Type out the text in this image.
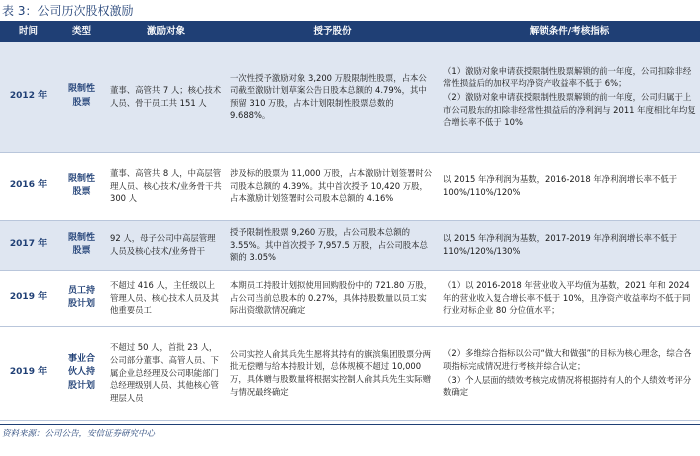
表 3：公司历次股权激励
时间	类型	激励对象	授予股份	解锁条件/考核指标
2012 年	限制性股票	董事、高管共 7 人；核心技术人员、骨干员工共 151 人	一次性授予激励对象 3,200 万股限制性股票，占本公司截至激励计划草案公告日股本总额的 4.79%，其中预留 310 万股，占本计划限制性股票总数的 9.688%。	（1）激励对象申请获授限制性股票解锁的前一年度，公司扣除非经常性损益后的加权平均净资产收益率不低于 6%；
（2）激励对象申请获授限制性股票解锁的前一年度，公司归属于上市公司股东的扣除非经常性损益后的净利润与 2011 年度相比年均复合增长率不低于 10%

2016 年	限制性股票	董事、高管共 8 人，中高层管理人员、核心技术/业务骨干共 300 人	涉及标的股票为 11,000 万股，占本激励计划签署时公司股本总额的 4.39%。其中首次授予 10,420 万股，占本激励计划签署时公司股本总额的 4.16%	以 2015 年净利润为基数，2016-2018 年净利润增长率不低于 100%/110%/120%

2017 年	限制性股票	92 人，母子公司中高层管理人员及核心技术/业务骨干	授予限制性股票 9,260 万股，占公司股本总额的 3.55%。其中首次授予 7,957.5 万股，占公司股本总额的 3.05%	以 2015 年净利润为基数，2017-2019 年净利润增长率不低于 110%/120%/130%

2019 年	员工持股计划	不超过 416 人，主任级以上管理人员、核心技术人员及其他重要员工	本期员工持股计划拟使用回购股份中的 721.80 万股，占公司当前总股本的 0.27%，具体持股数量以员工实际出资缴款情况确定	（1）以 2016-2018 年营业收入平均值为基数，2021 年和 2024 年的营业收入复合增长率不低于 10%，且净资产收益率均不低于同行业对标企业 80 分位值水平；

2019 年	事业合伙人持股计划	不超过 50 人，首批 23 人，公司部分董事、高管人员、下属企业总经理及公司职能部门总经理级别人员、其他核心管理层人员	公司实控人俞其兵先生愿将其持有的旗滨集团股票分两批无偿赠与给本持股计划，总体规模不超过 10,000 万，具体赠与股数量将根据实控制人俞其兵先生实际赠与情况最终确定	（2）多维综合指标以公司“做大和做强”的目标为核心理念，综合各项指标完成情况进行考核并综合认定；
（3）个人层面的绩效考核完成情况将根据持有人的个人绩效考评分数确定
资料来源：公司公告，安信证券研究中心
